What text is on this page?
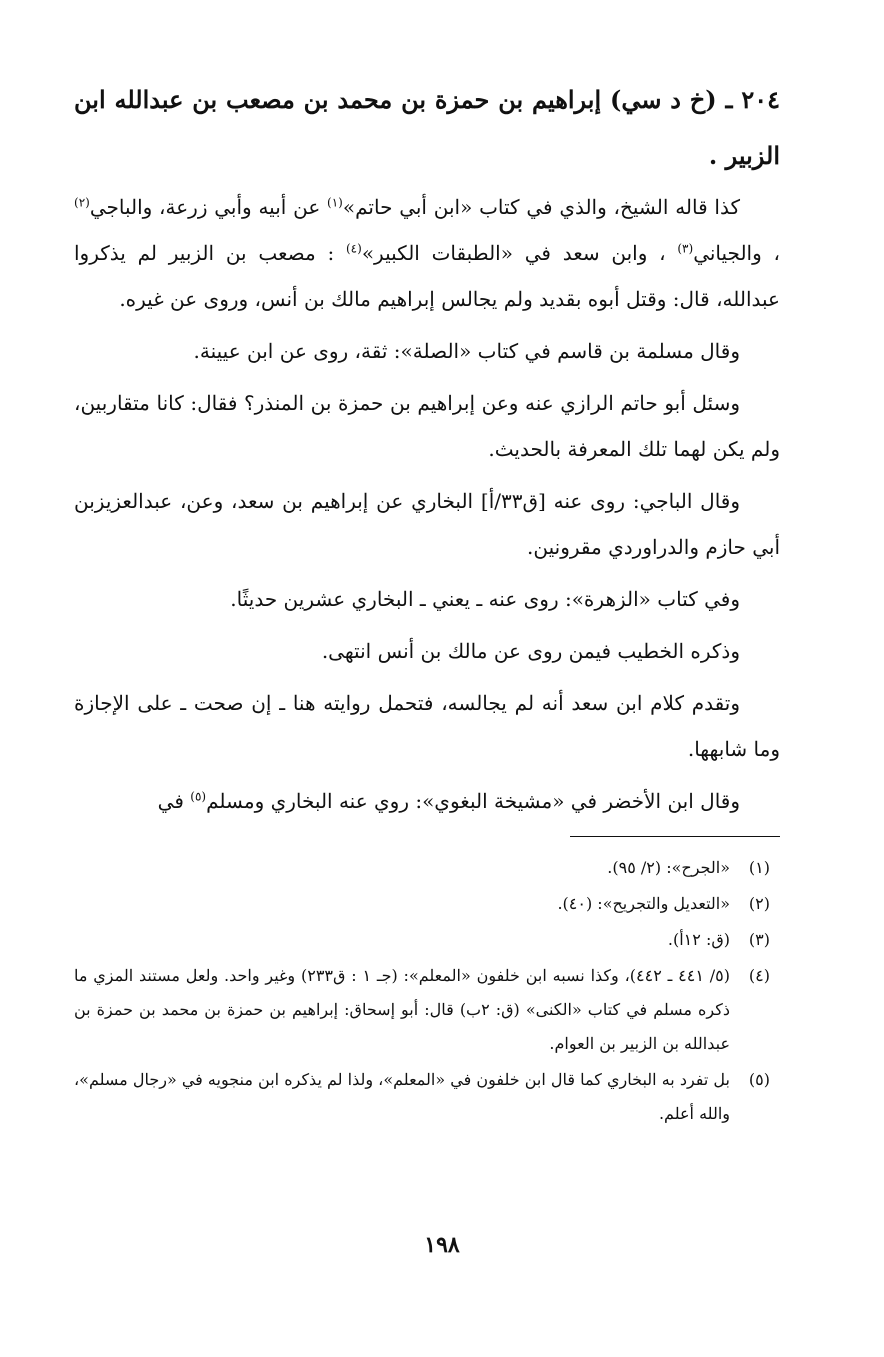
٢٠٤ ـ (خ د سي) إبراهيم بن حمزة بن محمد بن مصعب بن عبدالله ابن الزبير .

كذا قاله الشيخ، والذي في كتاب «ابن أبي حاتم»$^{(١)}$ عن أبيه وأبي زرعة، والباجي$^{(٢)}$ ، والجياني$^{(٣)}$ ، وابن سعد في «الطبقات الكبير»$^{(٤)}$ : مصعب بن الزبير لم يذكروا عبدالله، قال: وقتل أبوه بقديد ولم يجالس إبراهيم مالك بن أنس، وروى عن غيره.

وقال مسلمة بن قاسم في كتاب «الصلة»: ثقة، روى عن ابن عيينة.

وسئل أبو حاتم الرازي عنه وعن إبراهيم بن حمزة بن المنذر؟ فقال: كانا متقاربين، ولم يكن لهما تلك المعرفة بالحديث.

وقال الباجي: روى عنه [ق٣٣/أ] البخاري عن إبراهيم بن سعد، وعن، عبدالعزيزبن أبي حازم والدراوردي مقرونين.

وفي كتاب «الزهرة»: روى عنه ـ يعني ـ البخاري عشرين حديثًا.

وذكره الخطيب فيمن روى عن مالك بن أنس انتهى.

وتقدم كلام ابن سعد أنه لم يجالسه، فتحمل روايته هنا ـ إن صحت ـ على الإجازة وما شابهها.

وقال ابن الأخضر في «مشيخة البغوي»: روي عنه البخاري ومسلم$^{(٥)}$ في

(١)
«الجرح»: (٢/ ٩٥).
(٢)
«التعديل والتجريح»: (٤٠).
(٣)
(ق: ١٢أ).
(٤)
(٥/ ٤٤١ ـ ٤٤٢)، وكذا نسبه ابن خلفون «المعلم»: (جـ ١ : ق٢٣٣) وغير واحد. ولعل مستند المزي ما ذكره مسلم في كتاب «الكنى» (ق: ٢ب) قال: أبو إسحاق: إبراهيم بن حمزة بن محمد بن حمزة بن عبدالله بن الزبير بن العوام.
(٥)
بل تفرد به البخاري كما قال ابن خلفون في «المعلم»، ولذا لم يذكره ابن منجويه في «رجال مسلم»، والله أعلم.
١٩٨
